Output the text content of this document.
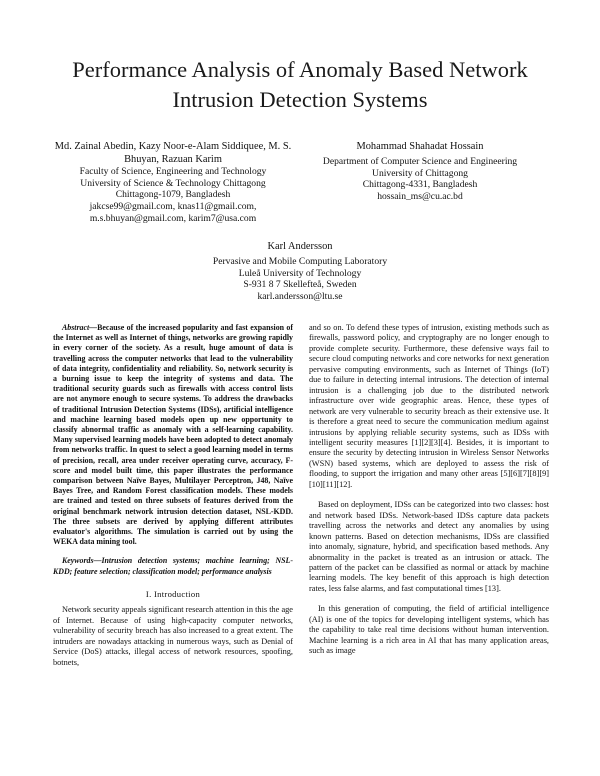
Performance Analysis of Anomaly Based Network Intrusion Detection Systems
Md. Zainal Abedin, Kazy Noor-e-Alam Siddiquee, M. S. Bhuyan, Razuan Karim
Faculty of Science, Engineering and Technology
University of Science & Technology Chittagong
Chittagong-1079, Bangladesh
jakcse99@gmail.com, knas11@gmail.com,
m.s.bhuyan@gmail.com, karim7@usa.com
Mohammad Shahadat Hossain
Department of Computer Science and Engineering
University of Chittagong
Chittagong-4331, Bangladesh
hossain_ms@cu.ac.bd
Karl Andersson
Pervasive and Mobile Computing Laboratory
Luleå University of Technology
S-931 8 7 Skellefteå, Sweden
karl.andersson@ltu.se

Abstract—Because of the increased popularity and fast expansion of the Internet as well as Internet of things, networks are growing rapidly in every corner of the society. As a result, huge amount of data is travelling across the computer networks that lead to the vulnerability of data integrity, confidentiality and reliability. So, network security is a burning issue to keep the integrity of systems and data. The traditional security guards such as firewalls with access control lists are not anymore enough to secure systems. To address the drawbacks of traditional Intrusion Detection Systems (IDSs), artificial intelligence and machine learning based models open up new opportunity to classify abnormal traffic as anomaly with a self-learning capability. Many supervised learning models have been adopted to detect anomaly from networks traffic. In quest to select a good learning model in terms of precision, recall, area under receiver operating curve, accuracy, F-score and model built time, this paper illustrates the performance comparison between Naïve Bayes, Multilayer Perceptron, J48, Naïve Bayes Tree, and Random Forest classification models. These models are trained and tested on three subsets of features derived from the original benchmark network intrusion detection dataset, NSL-KDD. The three subsets are derived by applying different attributes evaluator's algorithms. The simulation is carried out by using the WEKA data mining tool.

Keywords—Intrusion detection systems; machine learning; NSL-KDD; feature selection; classification model; performance analysis

I. Introduction

Network security appeals significant research attention in this the age of Internet. Because of using high-capacity computer networks, vulnerability of security breach has also increased to a great extent. The intruders are nowadays attacking in numerous ways, such as Denial of Service (DoS) attacks, illegal access of network resources, spoofing, botnets,

and so on. To defend these types of intrusion, existing methods such as firewalls, password policy, and cryptography are no longer enough to provide complete security. Furthermore, these defensive ways fail to secure cloud computing networks and core networks for next generation pervasive computing environments, such as Internet of Things (IoT) due to failure in detecting internal intrusions. The detection of internal intrusion is a challenging job due to the distributed network infrastructure over wide geographic areas. Hence, these types of network are very vulnerable to security breach as their extensive use. It is therefore a great need to secure the communication medium against intrusions by applying reliable security systems, such as IDSs with intelligent security measures [1][2][3][4]. Besides, it is important to ensure the security by detecting intrusion in Wireless Sensor Networks (WSN) based systems, which are deployed to assess the risk of flooding, to support the irrigation and many other areas [5][6][7][8][9][10][11][12].

Based on deployment, IDSs can be categorized into two classes: host and network based IDSs. Network-based IDSs capture data packets travelling across the networks and detect any anomalies by using known patterns. Based on detection mechanisms, IDSs are classified into anomaly, signature, hybrid, and specification based methods. Any abnormality in the packet is treated as an intrusion or attack. The pattern of the packet can be classified as normal or attack by machine learning models. The key benefit of this approach is high detection rates, less false alarms, and fast computational times [13].

In this generation of computing, the field of artificial intelligence (AI) is one of the topics for developing intelligent systems, which has the capability to take real time decisions without human intervention. Machine learning is a rich area in AI that has many application areas, such as image
